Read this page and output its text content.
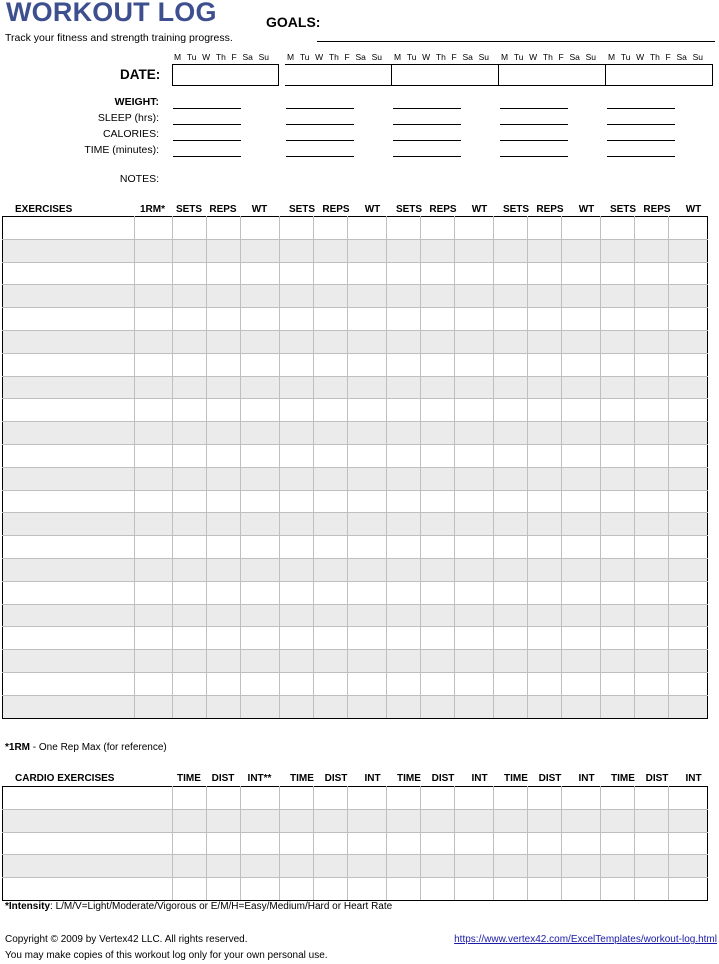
WORKOUT LOG
Track your fitness and strength training progress.
GOALS:
M Tu W Th F Sa Su M Tu W Th F Sa Su M Tu W Th F Sa Su M Tu W Th F Sa Su M Tu W Th F Sa Su
DATE:
WEIGHT:
SLEEP (hrs):
CALORIES:
TIME (minutes):
NOTES:
EXERCISES	1RM*	SETS REPS	WT	SETS REPS	WT	SETS REPS	WT	SETS REPS	WT	SETS REPS	WT

*1RM - One Rep Max (for reference)
CARDIO EXERCISES	TIME	DIST	INT**	TIME	DIST	INT	TIME	DIST	INT	TIME	DIST	INT	TIME	DIST	INT

*Intensity: L/M/V=Light/Moderate/Vigorous or E/M/H=Easy/Medium/Hard or Heart Rate
Copyright © 2009 by Vertex42 LLC. All rights reserved.	https://www.vertex42.com/ExcelTemplates/workout-log.html
You may make copies of this workout log only for your own personal use.
